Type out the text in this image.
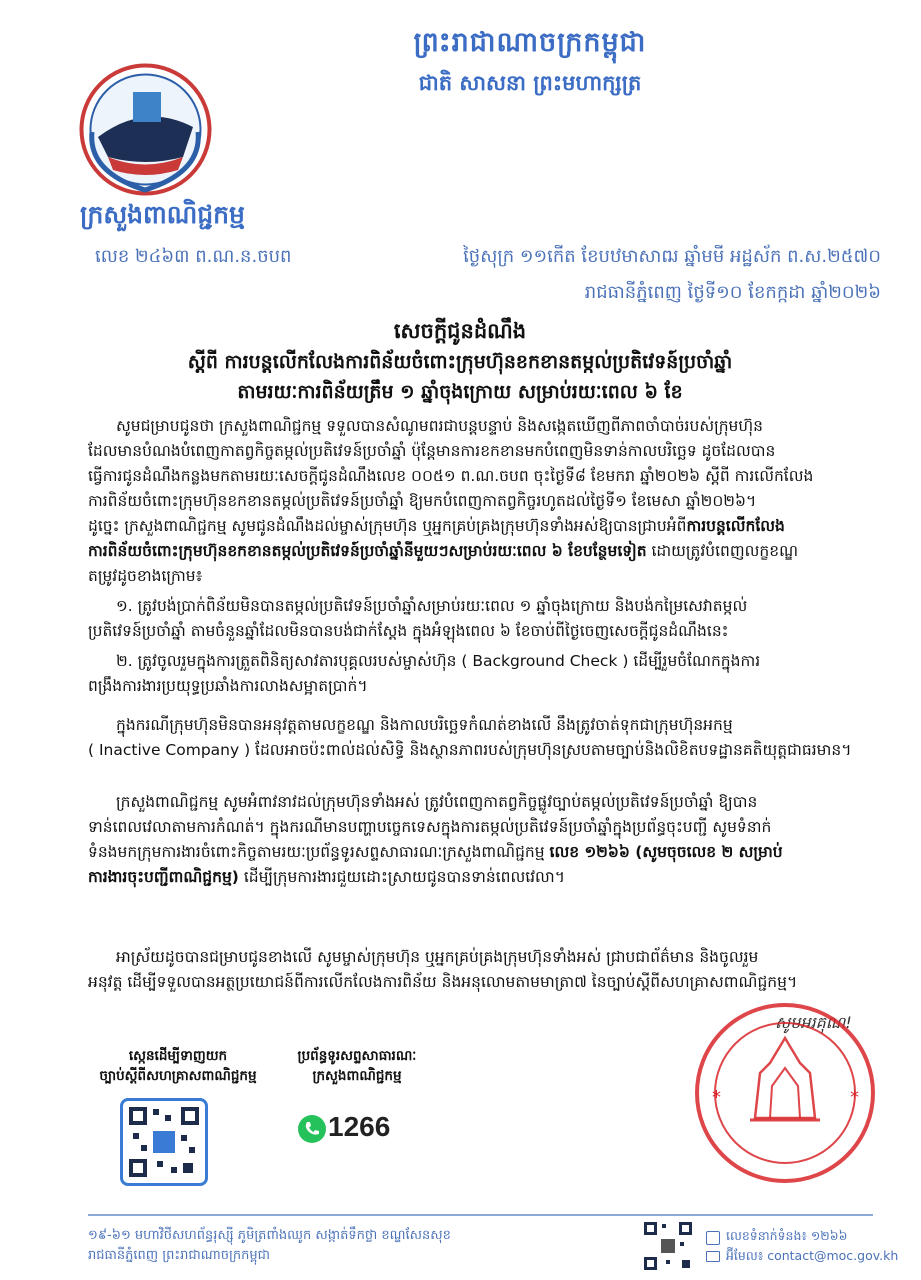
ព្រះរាជាណាចក្រកម្ពុជា
ជាតិ សាសនា ព្រះមហាក្សត្រ
ក្រសួងពាណិជ្ជកម្ម
លេខ ២៤៦៣ ព.ណ.ន.ចបព	ថ្ងៃសុក្រ ១១កើត ខែបឋមាសាឍ ឆ្នាំមមី អដ្ឋស័ក ព.ស.២៥៧០
រាជធានីភ្នំពេញ ថ្ងៃទី១០ ខែកក្កដា ឆ្នាំ២០២៦
សេចក្ដីជូនដំណឹង
ស្ដីពី ការបន្តលើកលែងការពិន័យចំពោះក្រុមហ៊ុនខកខានតម្កល់ប្រតិវេទន៍ប្រចាំឆ្នាំ
តាមរយៈការពិន័យត្រឹម ១ ឆ្នាំចុងក្រោយ សម្រាប់រយៈពេល ៦ ខែ
សូមជម្រាបជូនថា ក្រសួងពាណិជ្ជកម្ម ទទួលបានសំណូមពរជាបន្តបន្ទាប់ និងសង្កេតឃើញពីភាពចាំបាច់របស់ក្រុមហ៊ុន
ដែលមានបំណងបំពេញកាតព្វកិច្ចតម្កល់ប្រតិវេទន៍ប្រចាំឆ្នាំ ប៉ុន្តែមានការខកខានមកបំពេញមិនទាន់កាលបរិច្ឆេទ ដូចដែលបាន
ធ្វើការជូនដំណឹងកន្លងមកតាមរយៈសេចក្ដីជូនដំណឹងលេខ ០០៥១ ព.ណ.ចបព ចុះថ្ងៃទី៨ ខែមករា ឆ្នាំ២០២៦ ស្ដីពី ការលើកលែង
ការពិន័យចំពោះក្រុមហ៊ុនខកខានតម្កល់ប្រតិវេទន៍ប្រចាំឆ្នាំ ឱ្យមកបំពេញកាតព្វកិច្ចរហូតដល់ថ្ងៃទី១ ខែមេសា ឆ្នាំ២០២៦។
ដូច្នេះ ក្រសួងពាណិជ្ជកម្ម សូមជូនដំណឹងដល់ម្ចាស់ក្រុមហ៊ុន ឬអ្នកគ្រប់គ្រងក្រុមហ៊ុនទាំងអស់ឱ្យបានជ្រាបអំពីការបន្តលើកលែង
ការពិន័យចំពោះក្រុមហ៊ុនខកខានតម្កល់ប្រតិវេទន៍ប្រចាំឆ្នាំនីមួយៗសម្រាប់រយៈពេល ៦ ខែបន្ថែមទៀត ដោយត្រូវបំពេញលក្ខខណ្ឌ
តម្រូវដូចខាងក្រោម៖
១. ត្រូវបង់ប្រាក់ពិន័យមិនបានតម្កល់ប្រតិវេទន៍ប្រចាំឆ្នាំសម្រាប់រយៈពេល ១ ឆ្នាំចុងក្រោយ និងបង់កម្រៃសេវាតម្កល់
ប្រតិវេទន៍ប្រចាំឆ្នាំ តាមចំនួនឆ្នាំដែលមិនបានបង់ជាក់ស្ដែង ក្នុងអំឡុងពេល ៦ ខែចាប់ពីថ្ងៃចេញសេចក្ដីជូនដំណឹងនេះ
២. ត្រូវចូលរួមក្នុងការត្រួតពិនិត្យសាវតារបុគ្គលរបស់ម្ចាស់ហ៊ុន ( Background Check ) ដើម្បីរួមចំណែកក្នុងការ
ពង្រឹងការងារប្រយុទ្ធប្រឆាំងការលាងសម្អាតប្រាក់។
ក្នុងករណីក្រុមហ៊ុនមិនបានអនុវត្តតាមលក្ខខណ្ឌ និងកាលបរិច្ឆេទកំណត់ខាងលើ នឹងត្រូវចាត់ទុកជាក្រុមហ៊ុនអកម្ម
( Inactive Company ) ដែលអាចប៉ះពាល់ដល់សិទ្ធិ និងស្ថានភាពរបស់ក្រុមហ៊ុនស្របតាមច្បាប់និងលិខិតបទដ្ឋានគតិយុត្តជាធរមាន។
ក្រសួងពាណិជ្ជកម្ម សូមអំពាវនាវដល់ក្រុមហ៊ុនទាំងអស់ ត្រូវបំពេញកាតព្វកិច្ចផ្លូវច្បាប់តម្កល់ប្រតិវេទន៍ប្រចាំឆ្នាំ ឱ្យបាន
ទាន់ពេលវេលាតាមការកំណត់។ ក្នុងករណីមានបញ្ហាបច្ចេកទេសក្នុងការតម្កល់ប្រតិវេទន៍ប្រចាំឆ្នាំក្នុងប្រព័ន្ធចុះបញ្ជី សូមទំនាក់
ទំនងមកក្រុមការងារចំពោះកិច្ចតាមរយៈប្រព័ន្ធទូរសព្ទសាធារណៈក្រសួងពាណិជ្ជកម្ម លេខ ១២៦៦ (សូមចុចលេខ ២ សម្រាប់
ការងារចុះបញ្ជីពាណិជ្ជកម្ម) ដើម្បីក្រុមការងារជួយដោះស្រាយជូនបានទាន់ពេលវេលា។
អាស្រ័យដូចបានជម្រាបជូនខាងលើ សូមម្ចាស់ក្រុមហ៊ុន ឬអ្នកគ្រប់គ្រងក្រុមហ៊ុនទាំងអស់ ជ្រាបជាព័ត៌មាន និងចូលរួម
អនុវត្ត ដើម្បីទទួលបានអត្ថប្រយោជន៍ពីការលើកលែងការពិន័យ និងអនុលោមតាមមាត្រា៧ នៃច្បាប់ស្ដីពីសហគ្រាសពាណិជ្ជកម្ម។
សូមអរគុណ!
*	*
ស្កេនដើម្បីទាញយក
ច្បាប់ស្ដីពីសហគ្រាសពាណិជ្ជកម្ម
ប្រព័ន្ធទូរសព្ទសាធារណៈ
ក្រសួងពាណិជ្ជកម្ម
1266
១៩-៦១ មហាវិថីសហព័ន្ធរុស្ស៊ី ភូមិត្រពាំងឈូក សង្កាត់ទឹកថ្លា ខណ្ឌសែនសុខ
រាជធានីភ្នំពេញ ព្រះរាជាណាចក្រកម្ពុជា
លេខទំនាក់ទំនង៖ ១២៦៦
អ៊ីមែល៖ contact@moc.gov.kh
